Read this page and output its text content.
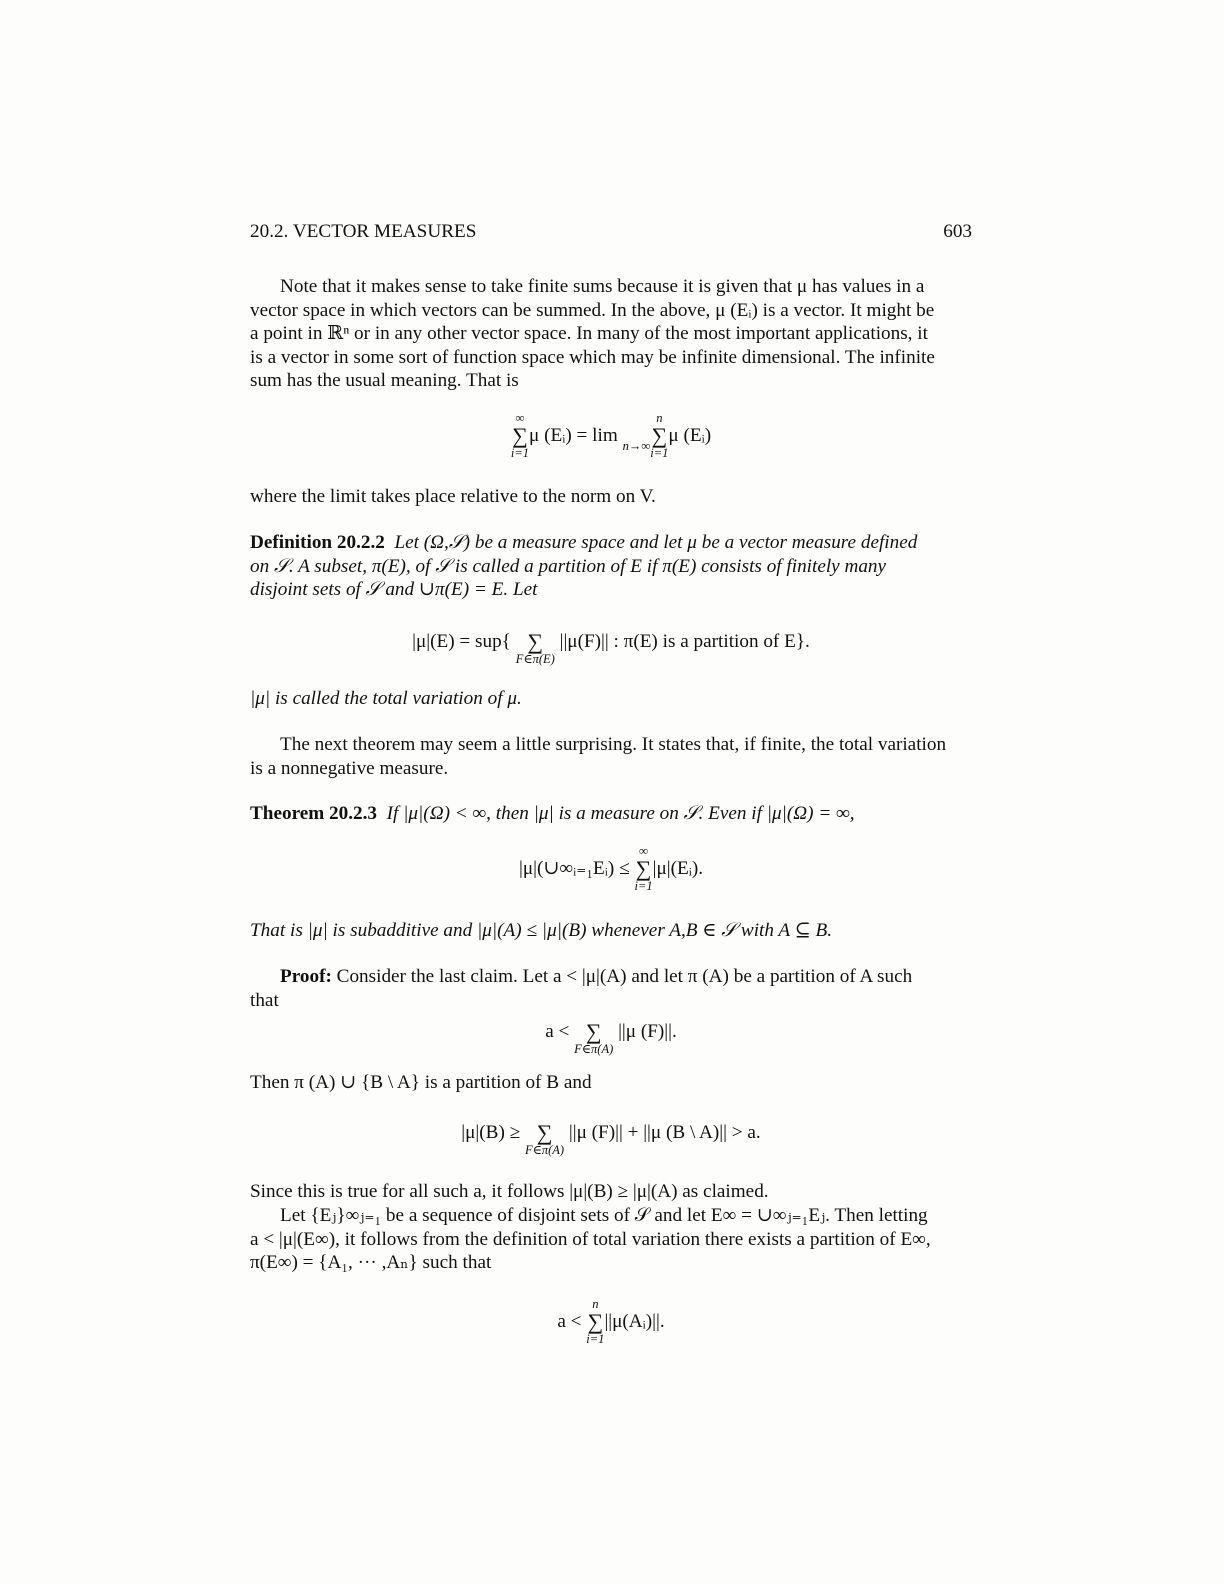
20.2. VECTOR MEASURES	603
Note that it makes sense to take finite sums because it is given that μ has values in a
vector space in which vectors can be summed. In the above, μ (Eᵢ) is a vector. It might be
a point in ℝⁿ or in any other vector space. In many of the most important applications, it
is a vector in some sort of function space which may be infinite dimensional. The infinite
sum has the usual meaning. That is
∞
∑
i=1
μ (Eᵢ) = lim
n→∞
n
∑
i=1
μ (Eᵢ)
where the limit takes place relative to the norm on V.
Definition 20.2.2 Let (Ω,𝒮) be a measure space and let μ be a vector measure defined
on 𝒮. A subset, π(E), of 𝒮 is called a partition of E if π(E) consists of finitely many
disjoint sets of 𝒮 and ∪π(E) = E. Let
|μ|(E) = sup{
∑
F∈π(E)
||μ(F)|| : π(E) is a partition of E}.
|μ| is called the total variation of μ.
The next theorem may seem a little surprising. It states that, if finite, the total variation
is a nonnegative measure.
Theorem 20.2.3 If |μ|(Ω) < ∞, then |μ| is a measure on 𝒮. Even if |μ|(Ω) = ∞,
|μ|(∪∞ᵢ₌₁Eᵢ) ≤
∞
∑
i=1
|μ|(Eᵢ).
That is |μ| is subadditive and |μ|(A) ≤ |μ|(B) whenever A,B ∈ 𝒮 with A ⊆ B.
Proof: Consider the last claim. Let a < |μ|(A) and let π (A) be a partition of A such
that
a <
∑
F∈π(A)
||μ (F)||.
Then π (A) ∪ {B \ A} is a partition of B and
|μ|(B) ≥
∑
F∈π(A)
||μ (F)|| + ||μ (B \ A)|| > a.
Since this is true for all such a, it follows |μ|(B) ≥ |μ|(A) as claimed.
Let {Eⱼ}∞ⱼ₌₁ be a sequence of disjoint sets of 𝒮 and let E∞ = ∪∞ⱼ₌₁Eⱼ. Then letting
a < |μ|(E∞), it follows from the definition of total variation there exists a partition of E∞,
π(E∞) = {A₁, ··· ,Aₙ} such that
a <
n
∑
i=1
||μ(Aᵢ)||.
